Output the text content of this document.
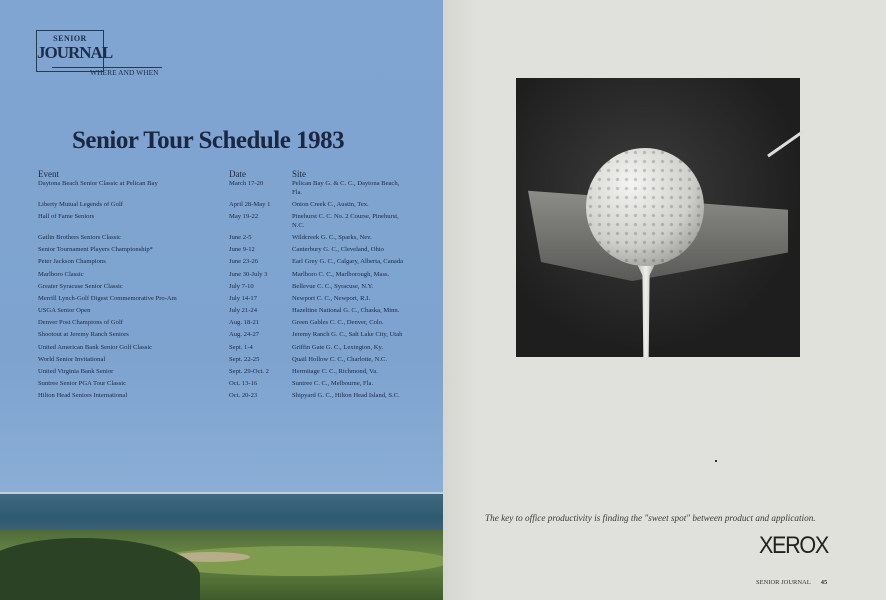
SENIOR
JOURNAL
WHERE AND WHEN
Senior Tour Schedule 1983
Event	Date	Site
Daytona Beach Senior Classic at Pelican Bay	March 17-20	Pelican Bay G. & C. C., Daytona Beach, Fla.
Liberty Mutual Legends of Golf	April 28-May 1	Onion Creek C., Austin, Tex.
Hall of Fame Seniors	May 19-22	Pinehurst C. C. No. 2 Course, Pinehurst, N.C.
Gatlin Brothers Seniors Classic	June 2-5	Wildcreek G. C., Sparks, Nev.
Senior Tournament Players Championship*	June 9-12	Canterbury G. C., Cleveland, Ohio
Peter Jackson Champions	June 23-26	Earl Grey G. C., Calgary, Alberta, Canada
Marlboro Classic	June 30-July 3	Marlboro C. C., Marlborough, Mass.
Greater Syracuse Senior Classic	July 7-10	Bellevue C. C., Syracuse, N.Y.
Merrill Lynch-Golf Digest Commemorative Pro-Am	July 14-17	Newport C. C., Newport, R.I.
USGA Senior Open	July 21-24	Hazeltine National G. C., Chaska, Minn.
Denver Post Champions of Golf	Aug. 18-21	Green Gables C. C., Denver, Colo.
Shootout at Jeremy Ranch Seniors	Aug. 24-27	Jeremy Ranch G. C., Salt Lake City, Utah
United American Bank Senior Golf Classic	Sept. 1-4	Griffin Gate G. C., Lexington, Ky.
World Senior Invitational	Sept. 22-25	Quail Hollow C. C., Charlotte, N.C.
United Virginia Bank Senior	Sept. 29-Oct. 2	Hermitage C. C., Richmond, Va.
Suntree Senior PGA Tour Classic	Oct. 13-16	Suntree C. C., Melbourne, Fla.
Hilton Head Seniors International	Oct. 20-23	Shipyard G. C., Hilton Head Island, S.C.
The key to office productivity is finding the "sweet spot" between product and application.
XEROX
SENIOR JOURNAL 45
